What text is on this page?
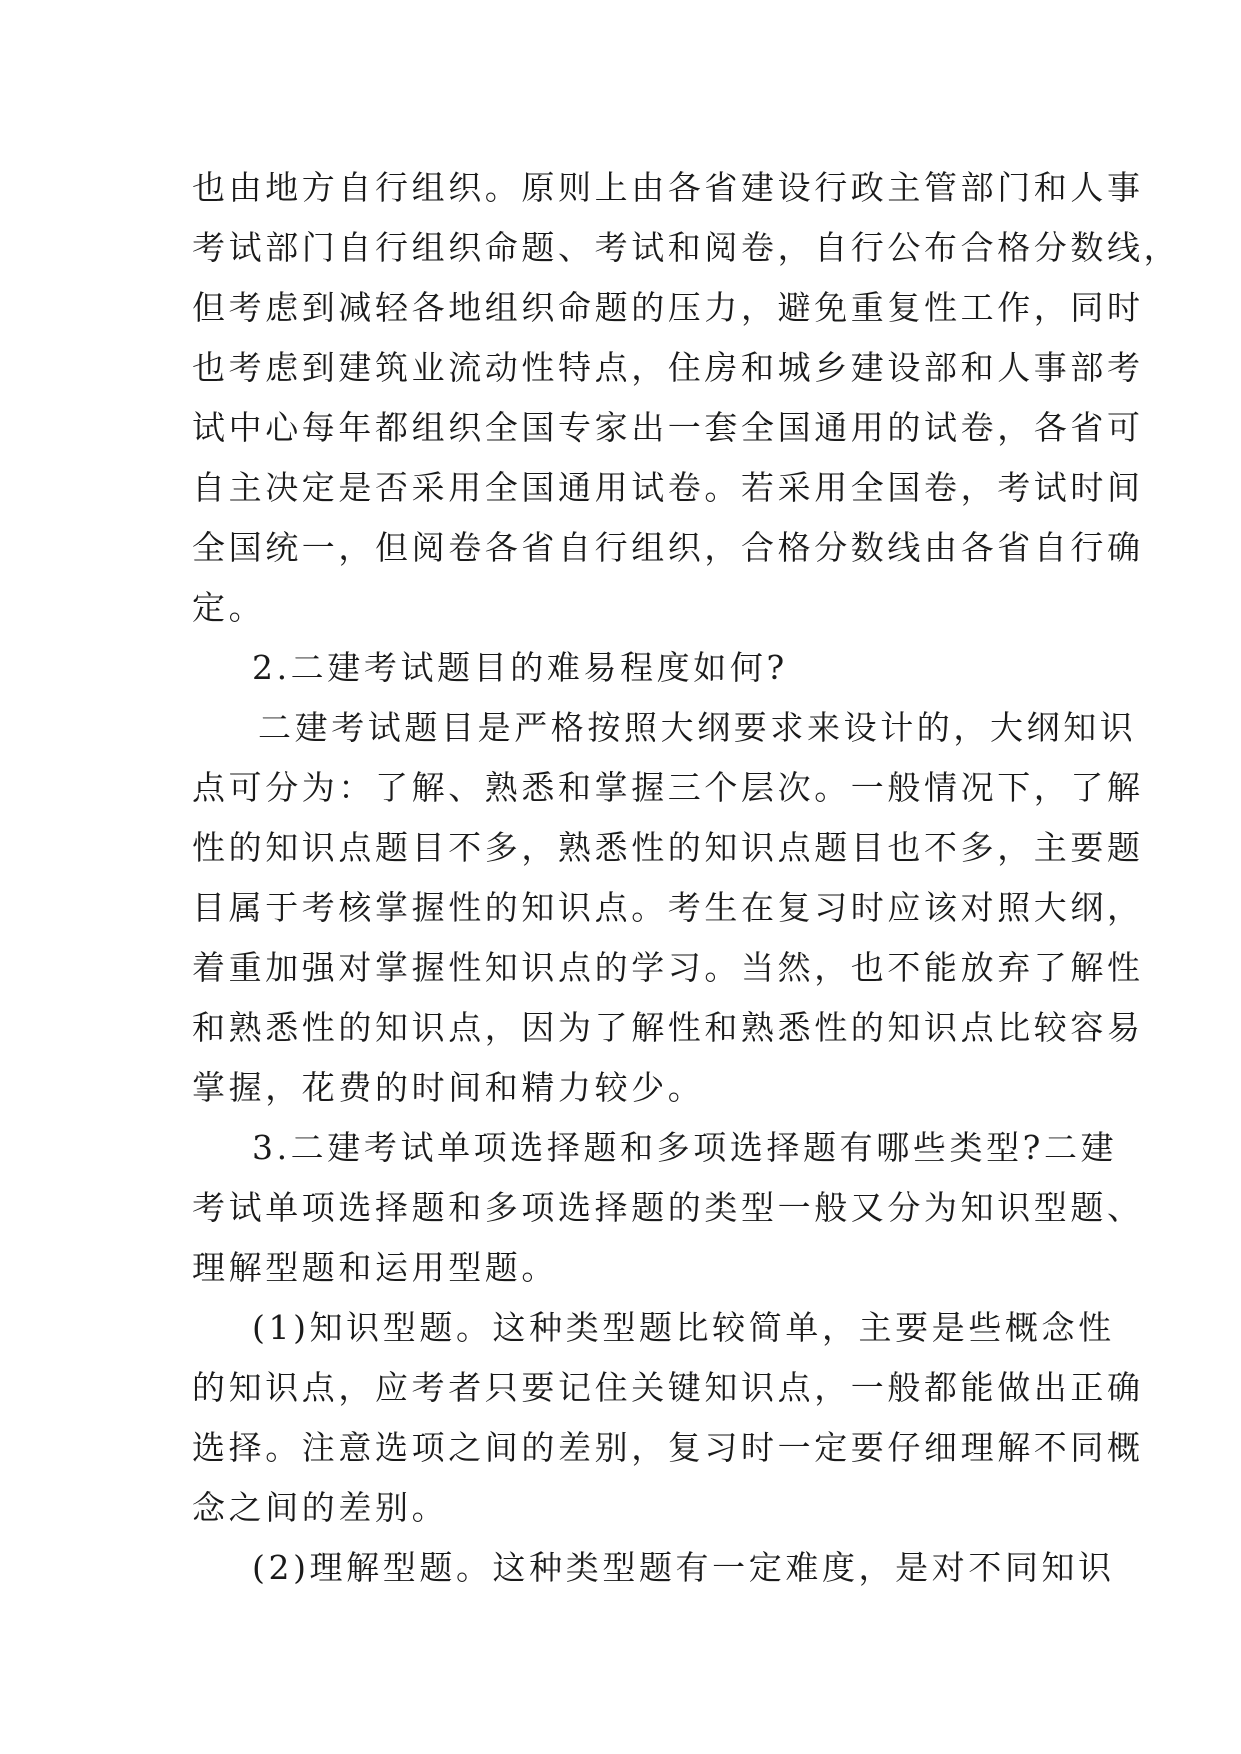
也由地方自行组织。原则上由各省建设行政主管部门和人事
考试部门自行组织命题、考试和阅卷，自行公布合格分数线，
但考虑到减轻各地组织命题的压力，避免重复性工作，同时
也考虑到建筑业流动性特点，住房和城乡建设部和人事部考
试中心每年都组织全国专家出一套全国通用的试卷，各省可
自主决定是否采用全国通用试卷。若采用全国卷，考试时间
全国统一，但阅卷各省自行组织，合格分数线由各省自行确
定。
2.二建考试题目的难易程度如何?
二建考试题目是严格按照大纲要求来设计的，大纲知识
点可分为：了解、熟悉和掌握三个层次。一般情况下，了解
性的知识点题目不多，熟悉性的知识点题目也不多，主要题
目属于考核掌握性的知识点。考生在复习时应该对照大纲，
着重加强对掌握性知识点的学习。当然，也不能放弃了解性
和熟悉性的知识点，因为了解性和熟悉性的知识点比较容易
掌握，花费的时间和精力较少。
3.二建考试单项选择题和多项选择题有哪些类型?二建
考试单项选择题和多项选择题的类型一般又分为知识型题、
理解型题和运用型题。
(1)知识型题。这种类型题比较简单，主要是些概念性
的知识点，应考者只要记住关键知识点，一般都能做出正确
选择。注意选项之间的差别，复习时一定要仔细理解不同概
念之间的差别。
(2)理解型题。这种类型题有一定难度，是对不同知识
